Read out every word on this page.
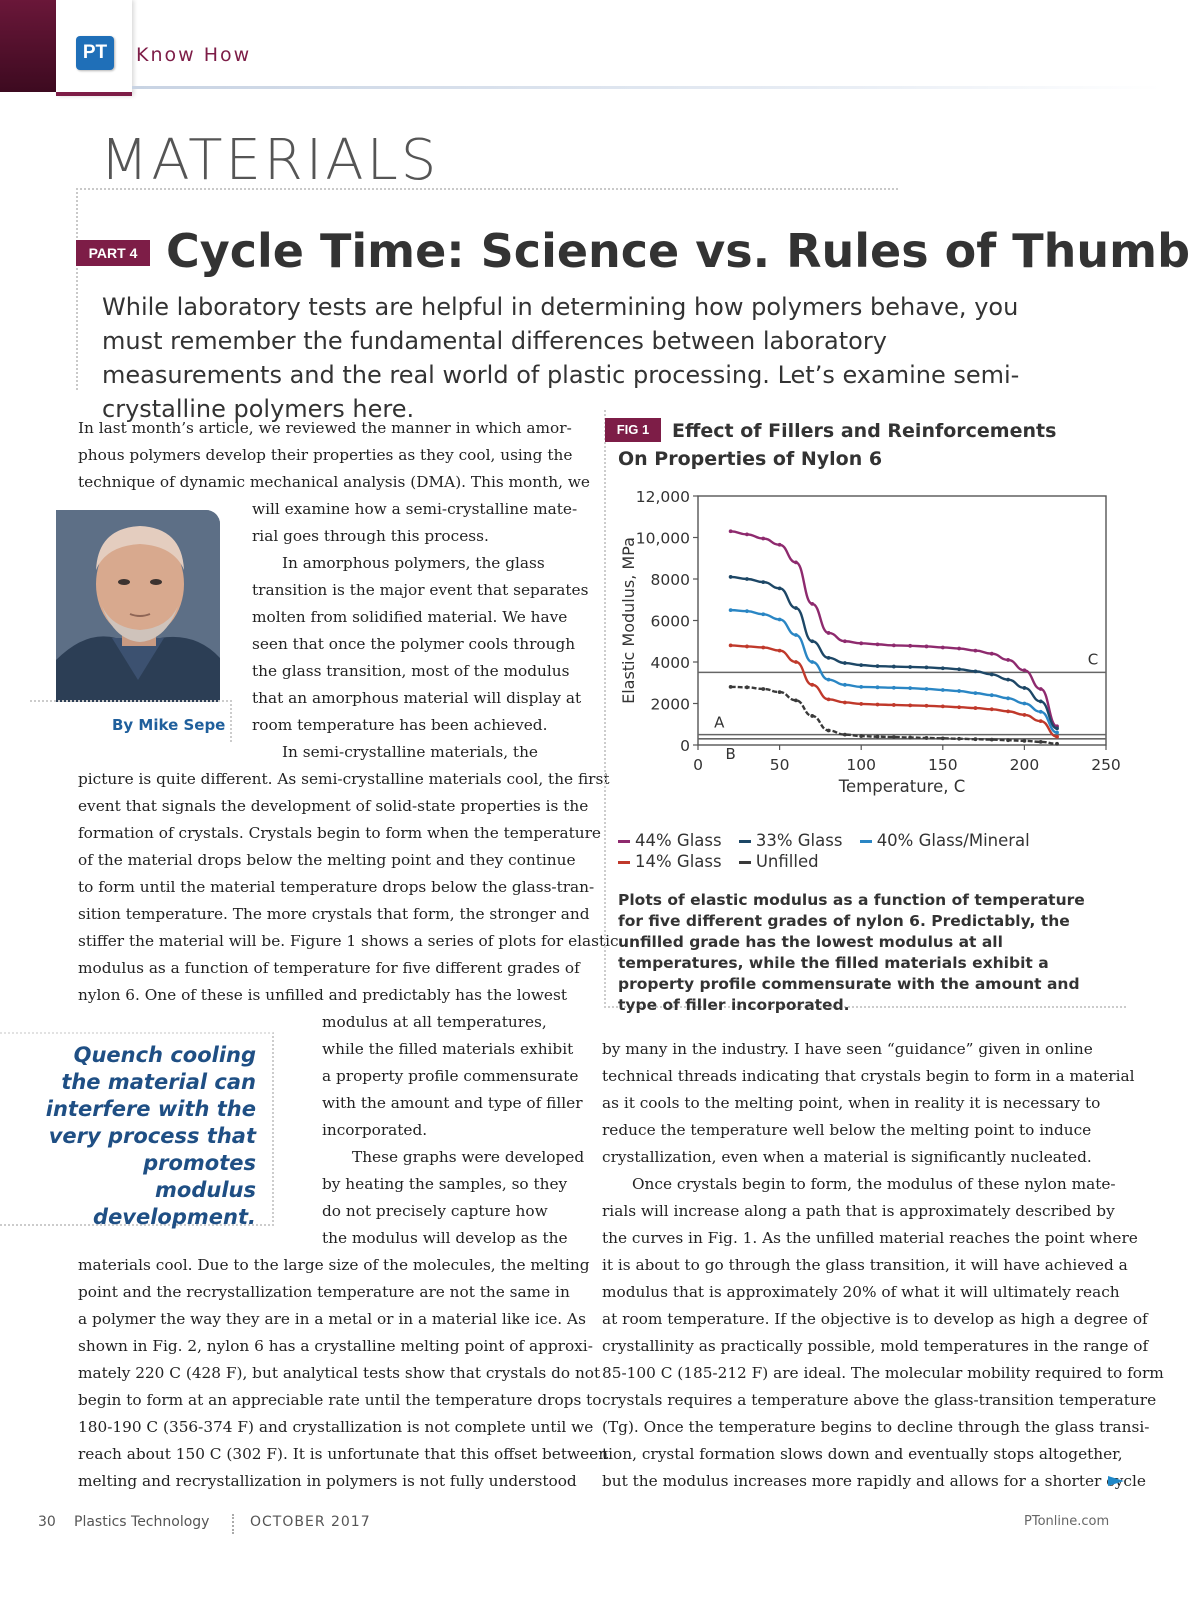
PT	Know How
MATERIALS
PART 4 Cycle Time: Science vs. Rules of Thumb
While laboratory tests are helpful in determining how polymers behave, you must remember the fundamental differences between laboratory measurements and the real world of plastic processing. Let’s examine semi-crystalline polymers here.
In last month’s article, we reviewed the manner in which amor-
phous polymers develop their properties as they cool, using the
technique of dynamic mechanical analysis (DMA). This month, we
will examine how a semi-crystalline mate-
rial goes through this process.
In amorphous polymers, the glass
transition is the major event that separates
molten from solidified material. We have
seen that once the polymer cools through
the glass transition, most of the modulus
that an amorphous material will display at
room temperature has been achieved.
In semi-crystalline materials, the
picture is quite different. As semi-crystalline materials cool, the first
event that signals the development of solid-state properties is the
formation of crystals. Crystals begin to form when the temperature
of the material drops below the melting point and they continue
to form until the material temperature drops below the glass-tran-
sition temperature. The more crystals that form, the stronger and
stiffer the material will be. Figure 1 shows a series of plots for elastic
modulus as a function of temperature for five different grades of
nylon 6. One of these is unfilled and predictably has the lowest
modulus at all temperatures,
while the filled materials exhibit
a property profile commensurate
with the amount and type of filler
incorporated.
These graphs were developed
by heating the samples, so they
do not precisely capture how
the modulus will develop as the
materials cool. Due to the large size of the molecules, the melting
point and the recrystallization temperature are not the same in
a polymer the way they are in a metal or in a material like ice. As
shown in Fig. 2, nylon 6 has a crystalline melting point of approxi-
mately 220 C (428 F), but analytical tests show that crystals do not
begin to form at an appreciable rate until the temperature drops to
180-190 C (356-374 F) and crystallization is not complete until we
reach about 150 C (302 F). It is unfortunate that this offset between
melting and recrystallization in polymers is not fully understood
By Mike Sepe
Quench cooling the material can interfere with the very process that promotes modulus development.
Effect of Fillers and Reinforcements On Properties of Nylon 6
FIG 1
A
B
C
0
2000
4000
6000
8000
10,000
12,000
0	50	100	150	200	250
Elastic Modulus, MPa
Temperature, C
44% Glass 33% Glass 40% Glass/Mineral
14% Glass Unfilled
Plots of elastic modulus as a function of temperature for five different grades of nylon 6. Predictably, the unfilled grade has the lowest modulus at all temperatures, while the filled materials exhibit a property profile commensurate with the amount and type of filler incorporated.
by many in the industry. I have seen “guidance” given in online
technical threads indicating that crystals begin to form in a material
as it cools to the melting point, when in reality it is necessary to
reduce the temperature well below the melting point to induce
crystallization, even when a material is significantly nucleated.
Once crystals begin to form, the modulus of these nylon mate-
rials will increase along a path that is approximately described by
the curves in Fig. 1. As the unfilled material reaches the point where
it is about to go through the glass transition, it will have achieved a
modulus that is approximately 20% of what it will ultimately reach
at room temperature. If the objective is to develop as high a degree of
crystallinity as practically possible, mold temperatures in the range of
85-100 C (185-212 F) are ideal. The molecular mobility required to form
crystals requires a temperature above the glass-transition temperature
(Tg). Once the temperature begins to decline through the glass transi-
tion, crystal formation slows down and eventually stops altogether,
but the modulus increases more rapidly and allows for a shorter cycle
30 Plastics Technology	OCTOBER 2017	PTonline.com
